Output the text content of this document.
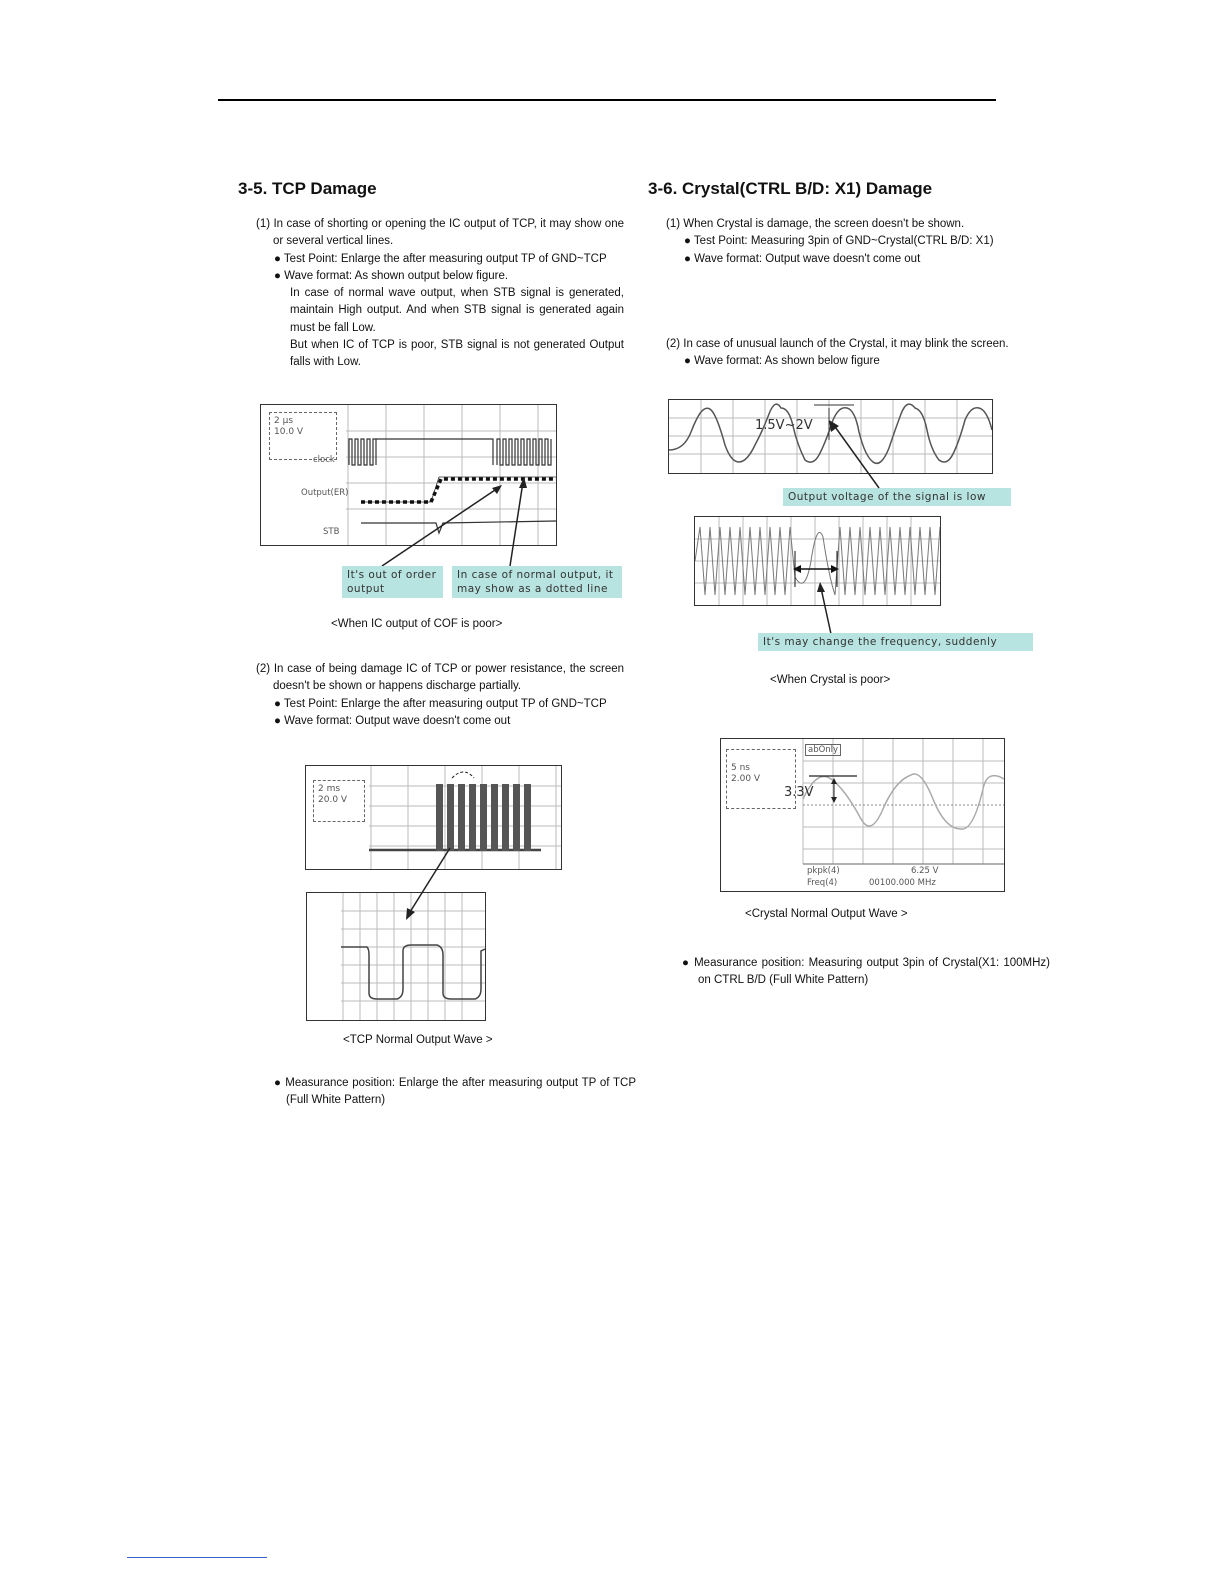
3-5. TCP Damage
(1) In case of shorting or opening the IC output of TCP, it may show one or several vertical lines.
● Test Point: Enlarge the after measuring output TP of GND~TCP
● Wave format: As shown output below figure.
In case of normal wave output, when STB signal is generated, maintain High output. And when STB signal is generated again must be fall Low.
But when IC of TCP is poor, STB signal is not generated Output falls with Low.
2 µs
10.0 V
clock
Output(ER)
STB
It's out of order output
In case of normal output, it may show as a dotted line
<When IC output of COF is poor>
(2) In case of being damage IC of TCP or power resistance, the screen doesn't be shown or happens discharge partially.
● Test Point: Enlarge the after measuring output TP of GND~TCP
● Wave format: Output wave doesn't come out
2 ms
20.0 V
<TCP Normal Output Wave >
● Measurance position: Enlarge the after measuring output TP of TCP (Full White Pattern)
3-6. Crystal(CTRL B/D: X1) Damage
(1) When Crystal is damage, the screen doesn't be shown.
● Test Point: Measuring 3pin of GND~Crystal(CTRL B/D: X1)
● Wave format: Output wave doesn't come out
(2) In case of unusual launch of the Crystal, it may blink the screen.
● Wave format: As shown below figure
1.5V~2V
Output voltage of the signal is low
It's may change the frequency, suddenly
<When Crystal is poor>
5 ns
2.00 V
abOnly
3.3V
pkpk(4)	6.25 V
Freq(4)	00100.000 MHz
<Crystal Normal Output Wave >
● Measurance position: Measuring output 3pin of Crystal(X1: 100MHz) on CTRL B/D (Full White Pattern)
